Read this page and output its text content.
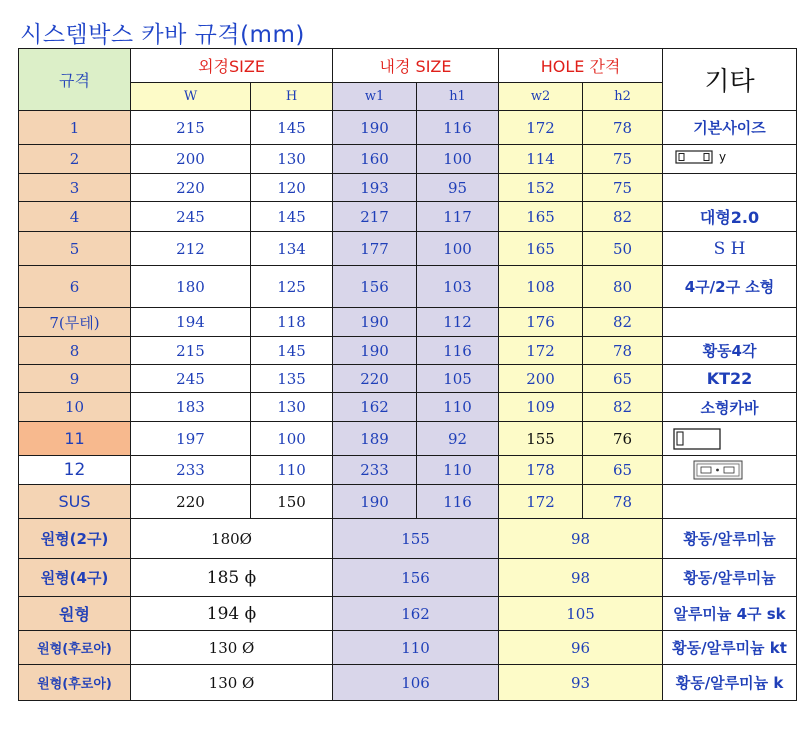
시스템박스 카바 규격(mm)
규격	외경SIZE		내경 SIZE		HOLE 간격		기타
	W	H	w1	h1	w2	h2	
1	215	145	190	116	172	78	기본사이즈
2	200	130	160	100	114	75	y

3	220	120	193	95	152	75	
4	245	145	217	117	165	82	대형2.0
5	212	134	177	100	165	50	S H
6	180	125	156	103	108	80	4구/2구 소형
7(무테)	194	118	190	112	176	82	
8	215	145	190	116	172	78	황동4각
9	245	135	220	105	200	65	KT22
10	183	130	162	110	109	82	소형카바
11	197	100	189	92	155	76	
12	233	110	233	110	178	65	
SUS	220	150	190	116	172	78	
원형(2구)	180Ø		155		98		황동/알루미늄
원형(4구)	185 ϕ		156		98		황동/알루미늄
원형	194 ϕ		162		105		알루미늄 4구 sk
원형(후로아)	130 Ø		110		96		황동/알루미늄 kt
원형(후로아)	130 Ø		106		93		황동/알루미늄 k
